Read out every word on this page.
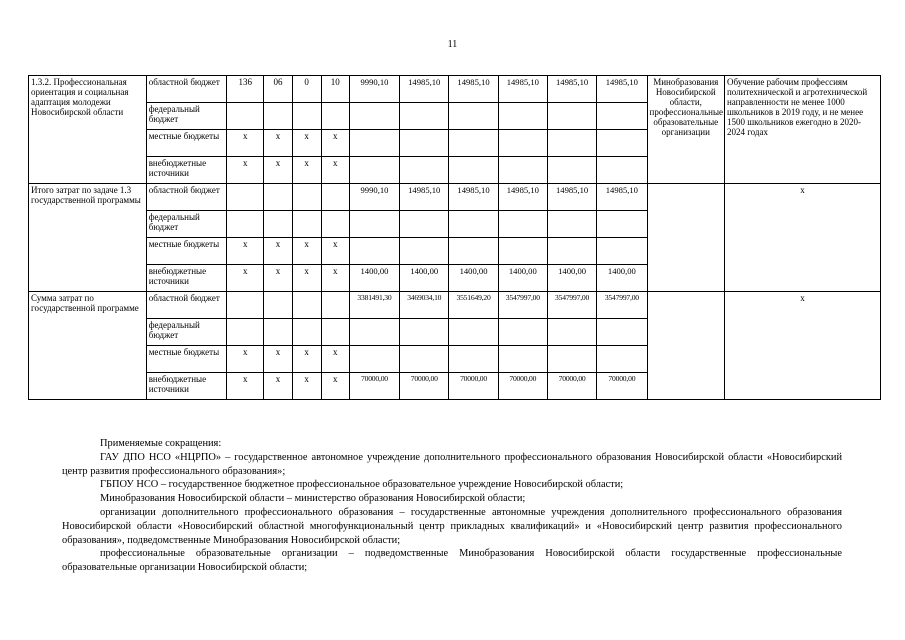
11
1.3.2. Профессиональная ориентация и социальная адаптация молодежи Новосибирской области	областной бюджет	136	06	0	10	9990,10	14985,10	14985,10	14985,10	14985,10	14985,10	Минобразования Новосибирской области, профессиональные образовательные организации	Обучение рабочим профессиям политехнической и агротехнической направленности не менее 1000 школьников в 2019 году, и не менее 1500 школьников ежегодно в 2020-2024 годах
	федеральный бюджет												
	местные бюджеты	x	x	x	x								
	внебюджетные источники	x	x	x	x								
Итого затрат по задаче 1.3 государственной программы	областной бюджет					9990,10	14985,10	14985,10	14985,10	14985,10	14985,10		x
	федеральный бюджет												
	местные бюджеты	x	x	x	x								
	внебюджетные источники	x	x	x	x	1400,00	1400,00	1400,00	1400,00	1400,00	1400,00		
Сумма затрат по государственной программе	областной бюджет					3381491,30	3469034,10	3551649,20	3547997,00	3547997,00	3547997,00		x
	федеральный бюджет												
	местные бюджеты	x	x	x	x								
	внебюджетные источники	x	x	x	x	70000,00	70000,00	70000,00	70000,00	70000,00	70000,00		

Применяемые сокращения:

ГАУ ДПО НСО «НЦРПО» – государственное автономное учреждение дополнительного профессионального образования Новосибирской области «Новосибирский центр развития профессионального образования»;

ГБПОУ НСО – государственное бюджетное профессиональное образовательное учреждение Новосибирской области;

Минобразования Новосибирской области – министерство образования Новосибирской области;

организации дополнительного профессионального образования – государственные автономные учреждения дополнительного профессионального образования Новосибирской области «Новосибирский областной многофункциональный центр прикладных квалификаций» и «Новосибирский центр развития профессионального образования», подведомственные Минобразования Новосибирской области;

профессиональные образовательные организации – подведомственные Минобразования Новосибирской области государственные профессиональные образовательные организации Новосибирской области;
